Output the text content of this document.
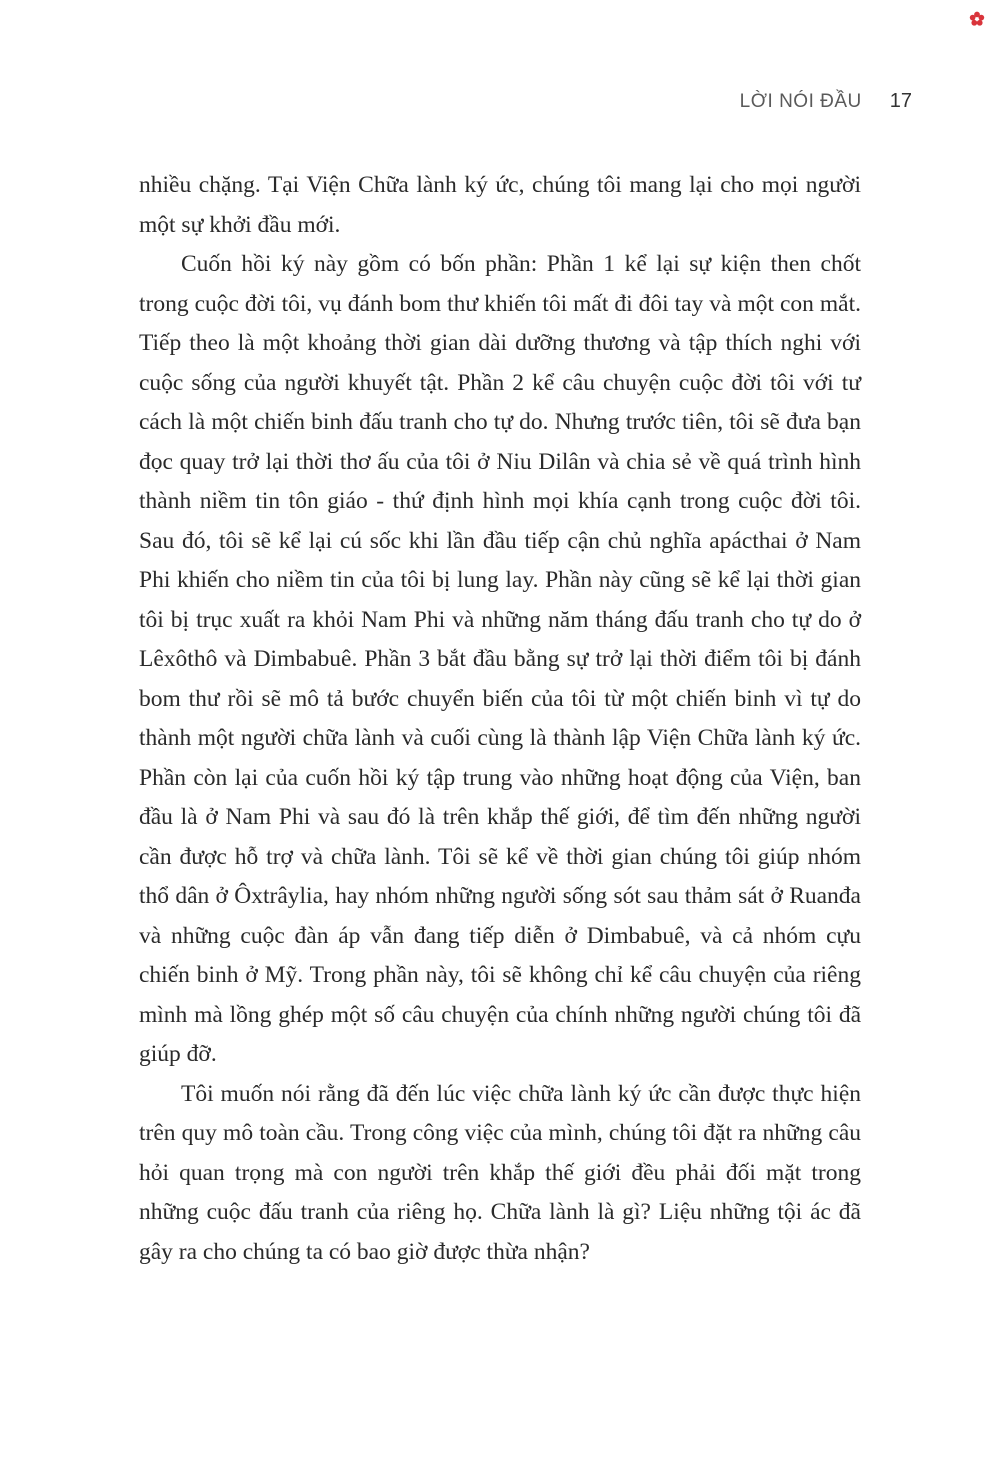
LỜI NÓI ĐẦU 17

nhiều chặng. Tại Viện Chữa lành ký ức, chúng tôi mang lại cho mọi người một sự khởi đầu mới.

Cuốn hồi ký này gồm có bốn phần: Phần 1 kể lại sự kiện then chốt trong cuộc đời tôi, vụ đánh bom thư khiến tôi mất đi đôi tay và một con mắt. Tiếp theo là một khoảng thời gian dài dưỡng thương và tập thích nghi với cuộc sống của người khuyết tật. Phần 2 kể câu chuyện cuộc đời tôi với tư cách là một chiến binh đấu tranh cho tự do. Nhưng trước tiên, tôi sẽ đưa bạn đọc quay trở lại thời thơ ấu của tôi ở Niu Dilân và chia sẻ về quá trình hình thành niềm tin tôn giáo - thứ định hình mọi khía cạnh trong cuộc đời tôi. Sau đó, tôi sẽ kể lại cú sốc khi lần đầu tiếp cận chủ nghĩa apácthai ở Nam Phi khiến cho niềm tin của tôi bị lung lay. Phần này cũng sẽ kể lại thời gian tôi bị trục xuất ra khỏi Nam Phi và những năm tháng đấu tranh cho tự do ở Lêxôthô và Dimbabuê. Phần 3 bắt đầu bằng sự trở lại thời điểm tôi bị đánh bom thư rồi sẽ mô tả bước chuyển biến của tôi từ một chiến binh vì tự do thành một người chữa lành và cuối cùng là thành lập Viện Chữa lành ký ức. Phần còn lại của cuốn hồi ký tập trung vào những hoạt động của Viện, ban đầu là ở Nam Phi và sau đó là trên khắp thế giới, để tìm đến những người cần được hỗ trợ và chữa lành. Tôi sẽ kể về thời gian chúng tôi giúp nhóm thổ dân ở Ôxtrâylia, hay nhóm những người sống sót sau thảm sát ở Ruanđa và những cuộc đàn áp vẫn đang tiếp diễn ở Dimbabuê, và cả nhóm cựu chiến binh ở Mỹ. Trong phần này, tôi sẽ không chỉ kể câu chuyện của riêng mình mà lồng ghép một số câu chuyện của chính những người chúng tôi đã giúp đỡ.

Tôi muốn nói rằng đã đến lúc việc chữa lành ký ức cần được thực hiện trên quy mô toàn cầu. Trong công việc của mình, chúng tôi đặt ra những câu hỏi quan trọng mà con người trên khắp thế giới đều phải đối mặt trong những cuộc đấu tranh của riêng họ. Chữa lành là gì? Liệu những tội ác đã gây ra cho chúng ta có bao giờ được thừa nhận?
